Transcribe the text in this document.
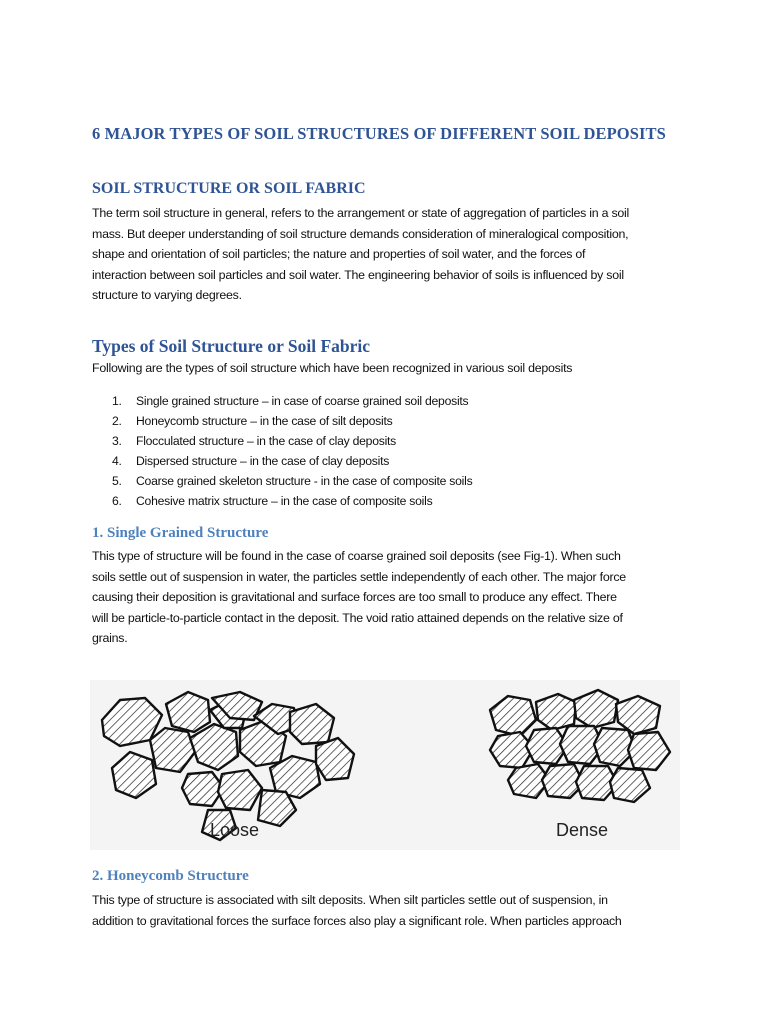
6 MAJOR TYPES OF SOIL STRUCTURES OF DIFFERENT SOIL DEPOSITS
SOIL STRUCTURE OR SOIL FABRIC

The term soil structure in general, refers to the arrangement or state of aggregation of particles in a soil
mass. But deeper understanding of soil structure demands consideration of mineralogical composition,
shape and orientation of soil particles; the nature and properties of soil water, and the forces of
interaction between soil particles and soil water. The engineering behavior of soils is influenced by soil
structure to varying degrees.

Types of Soil Structure or Soil Fabric

Following are the types of soil structure which have been recognized in various soil deposits

1.	Single grained structure – in case of coarse grained soil deposits
2.	Honeycomb structure – in the case of silt deposits
3.	Flocculated structure – in the case of clay deposits
4.	Dispersed structure – in the case of clay deposits
5.	Coarse grained skeleton structure - in the case of composite soils
6.	Cohesive matrix structure – in the case of composite soils
1. Single Grained Structure

This type of structure will be found in the case of coarse grained soil deposits (see Fig-1). When such
soils settle out of suspension in water, the particles settle independently of each other. The major force
causing their deposition is gravitational and surface forces are too small to produce any effect. There
will be particle-to-particle contact in the deposit. The void ratio attained depends on the relative size of
grains.

Loose	Dense
2. Honeycomb Structure

This type of structure is associated with silt deposits. When silt particles settle out of suspension, in
addition to gravitational forces the surface forces also play a significant role. When particles approach
